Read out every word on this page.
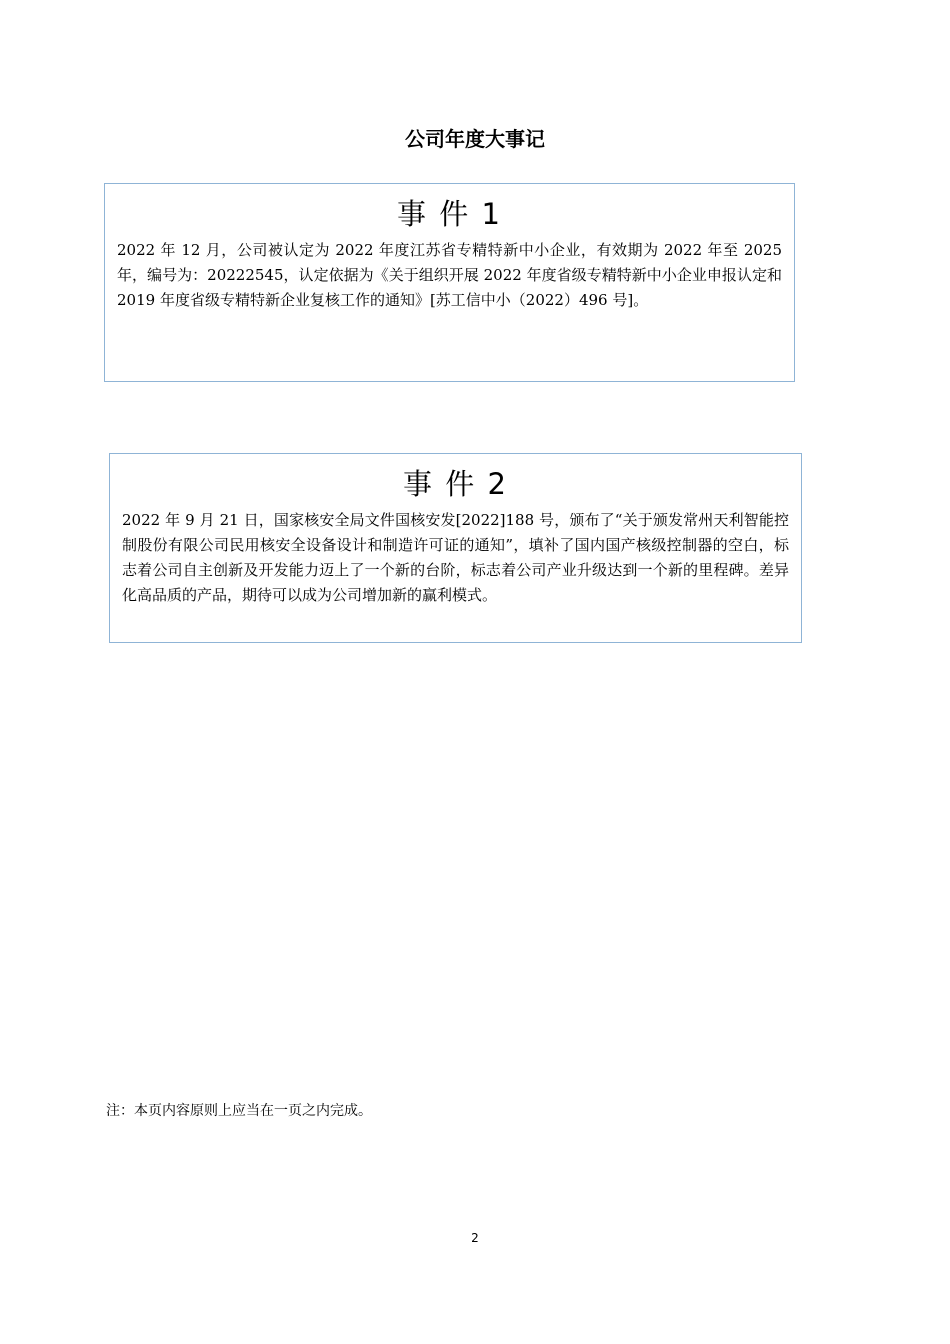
公司年度大事记
事 件 1
2022 年 12 月，公司被认定为 2022 年度江苏省专精特新中小企业，有效期为 2022 年至 2025 年，编号为：20222545，认定依据为《关于组织开展 2022 年度省级专精特新中小企业申报认定和 2019 年度省级专精特新企业复核工作的通知》[苏工信中小（2022）496 号]。
事 件 2
2022 年 9 月 21 日，国家核安全局文件国核安发[2022]188 号，颁布了“关于颁发常州天利智能控制股份有限公司民用核安全设备设计和制造许可证的通知”，填补了国内国产核级控制器的空白，标志着公司自主创新及开发能力迈上了一个新的台阶，标志着公司产业升级达到一个新的里程碑。差异化高品质的产品，期待可以成为公司增加新的赢利模式。
注：本页内容原则上应当在一页之内完成。
2
